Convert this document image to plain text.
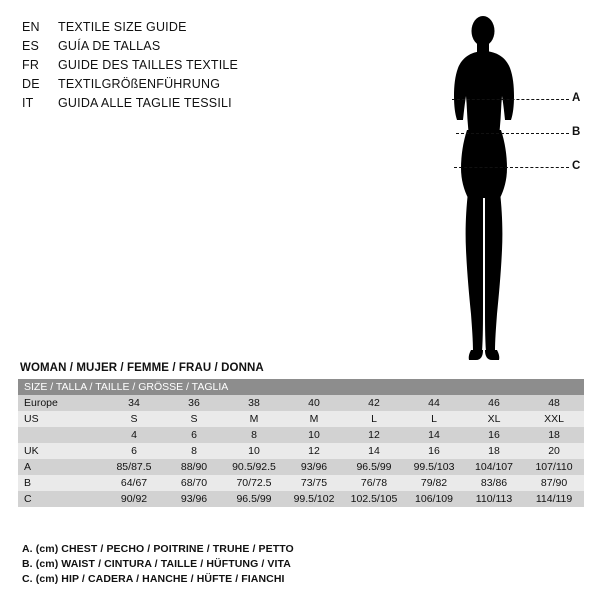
EN	TEXTILE SIZE GUIDE
ES	GUÍA DE TALLAS
FR	GUIDE DES TAILLES TEXTILE
DE	TEXTILGRÖßENFÜHRUNG
IT	GUIDA ALLE TAGLIE TESSILI	A
B
C
WOMAN / MUJER / FEMME / FRAU / DONNA
SIZE / TALLA / TAILLE / GRÖSSE / TAGLIA								
Europe	34	36	38	40	42	44	46	48
US	S	S	M	M	L	L	XL	XXL
	4	6	8	10	12	14	16	18
UK	6	8	10	12	14	16	18	20
A	85/87.5	88/90	90.5/92.5	93/96	96.5/99	99.5/103	104/107	107/110
B	64/67	68/70	70/72.5	73/75	76/78	79/82	83/86	87/90
C	90/92	93/96	96.5/99	99.5/102	102.5/105	106/109	110/113	114/119
A. (cm) CHEST / PECHO / POITRINE / TRUHE / PETTO
B. (cm) WAIST / CINTURA / TAILLE / HÜFTUNG / VITA
C. (cm) HIP / CADERA / HANCHE / HÜFTE / FIANCHI
